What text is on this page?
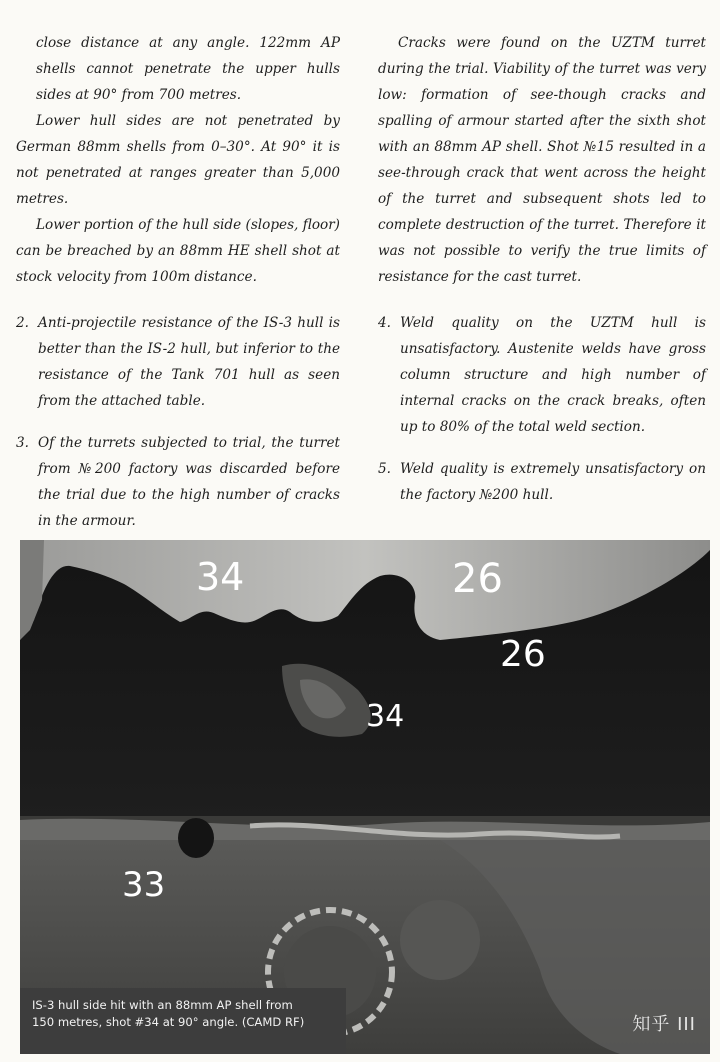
close distance at any angle. 122mm AP shells cannot penetrate the upper hulls sides at 90° from 700 metres.

Lower hull sides are not penetrated by German 88mm shells from 0–30°. At 90° it is not penetrated at ranges greater than 5,000 metres.

Lower portion of the hull side (slopes, floor) can be breached by an 88mm HE shell shot at stock velocity from 100m distance.

2. Anti-projectile resistance of the IS-3 hull is better than the IS-2 hull, but inferior to the resistance of the Tank 701 hull as seen from the attached table.
3. Of the turrets subjected to trial, the turret from №200 factory was discarded before the trial due to the high number of cracks in the armour.

Cracks were found on the UZTM turret during the trial. Viability of the turret was very low: formation of see-though cracks and spalling of armour started after the sixth shot with an 88mm AP shell. Shot №15 resulted in a see-through crack that went across the height of the turret and subsequent shots led to complete destruction of the turret. Therefore it was not possible to verify the true limits of resistance for the cast turret.

4. Weld quality on the UZTM hull is unsatisfactory. Austenite welds have gross column structure and high number of internal cracks on the crack breaks, often up to 80% of the total weld section.
5. Weld quality is extremely unsatisfactory on the factory №200 hull.
34	26
26
34
33
IS-3 hull side hit with an 88mm AP shell from
150 metres, shot #34 at 90° angle. (CAMD RF)	知乎 III
